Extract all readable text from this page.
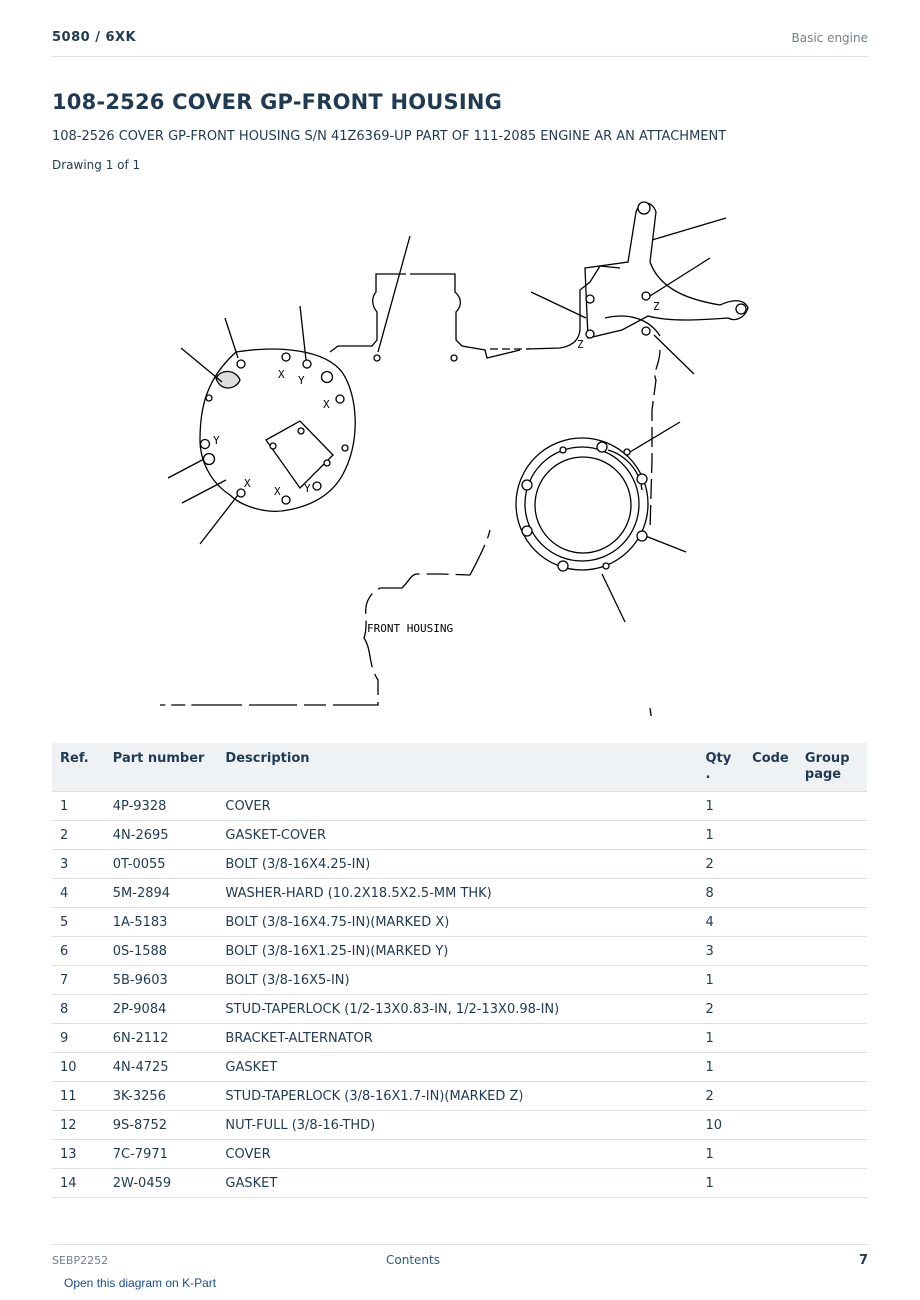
5080 / 6XK	Basic engine
108-2526 COVER GP-FRONT HOUSING
108-2526 COVER GP-FRONT HOUSING S/N 41Z6369-UP PART OF 111-2085 ENGINE AR AN ATTACHMENT
Drawing 1 of 1
X Y
X
Y
X
X Y
Z
Z
FRONT HOUSING
Ref.	Part number	Description	Qty .	Code	Group page
1	4P-9328	COVER	1		
2	4N-2695	GASKET-COVER	1		
3	0T-0055	BOLT (3/8-16X4.25-IN)	2		
4	5M-2894	WASHER-HARD (10.2X18.5X2.5-MM THK)	8		
5	1A-5183	BOLT (3/8-16X4.75-IN)(MARKED X)	4		
6	0S-1588	BOLT (3/8-16X1.25-IN)(MARKED Y)	3		
7	5B-9603	BOLT (3/8-16X5-IN)	1		
8	2P-9084	STUD-TAPERLOCK (1/2-13X0.83-IN, 1/2-13X0.98-IN)	2		
9	6N-2112	BRACKET-ALTERNATOR	1		
10	4N-4725	GASKET	1		
11	3K-3256	STUD-TAPERLOCK (3/8-16X1.7-IN)(MARKED Z)	2		
12	9S-8752	NUT-FULL (3/8-16-THD)	10		
13	7C-7971	COVER	1		
14	2W-0459	GASKET	1		
SEBP2252	Contents	7
Open this diagram on K-Part
